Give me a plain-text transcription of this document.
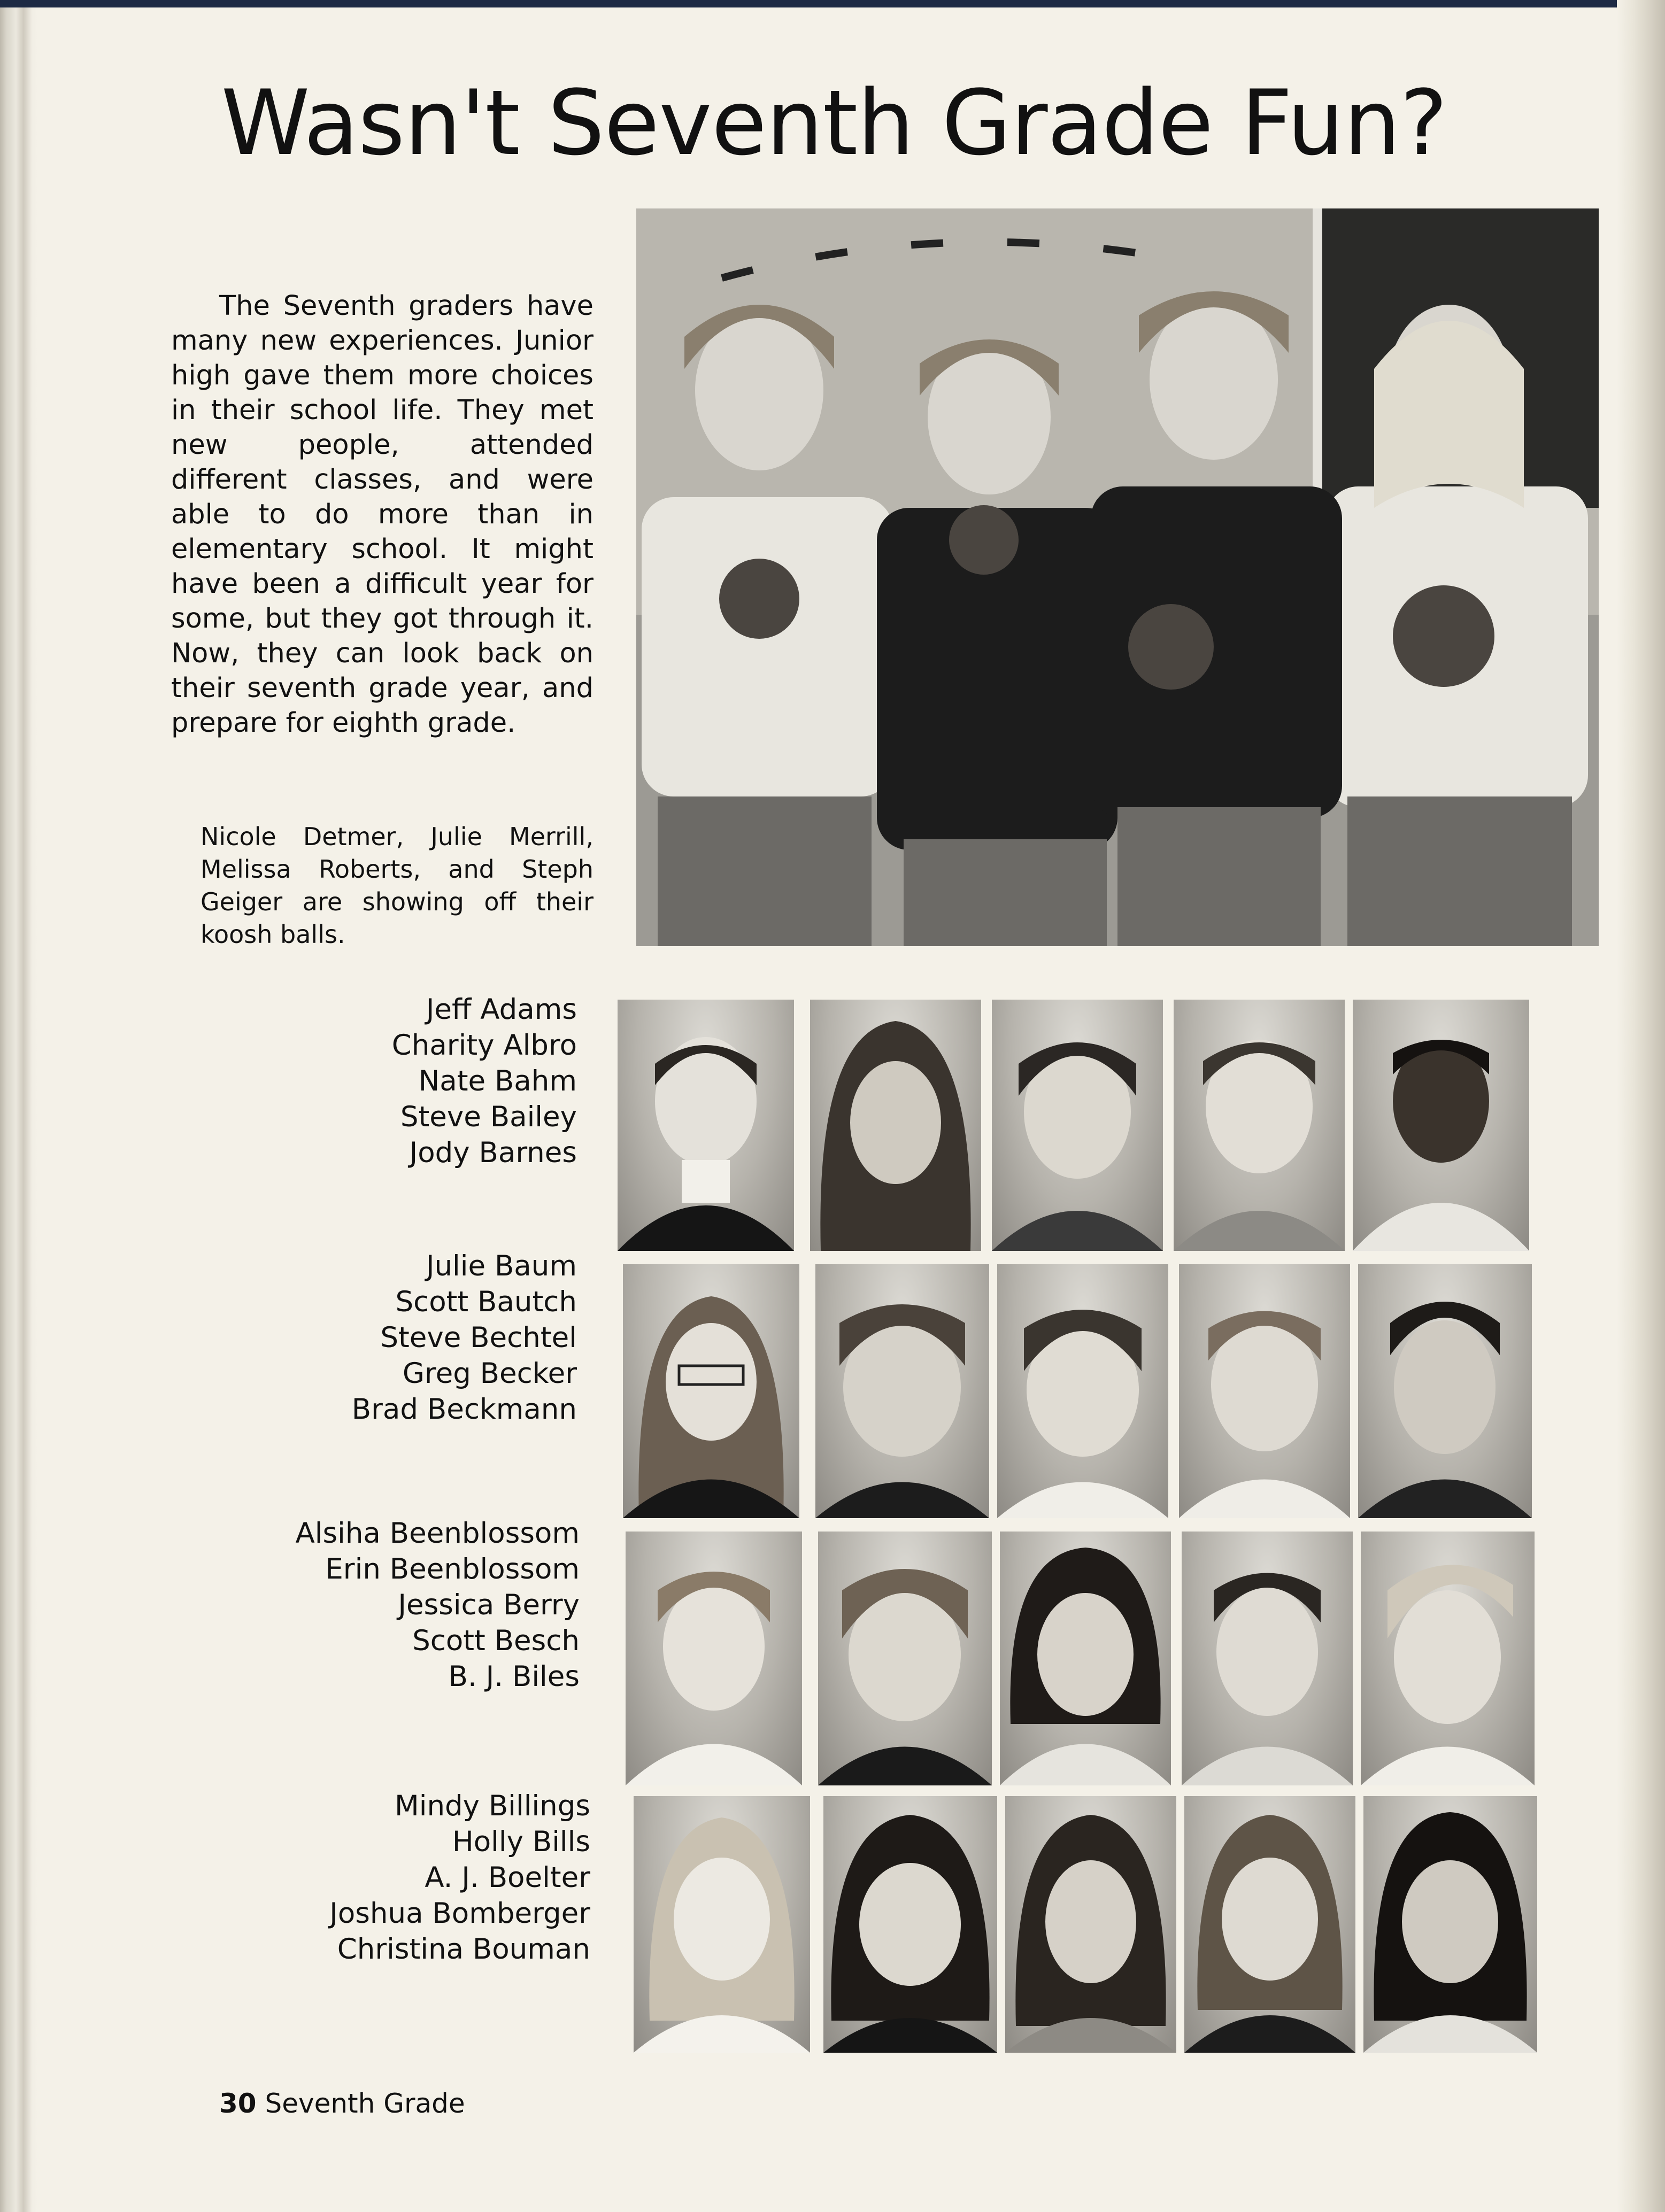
Wasn't Seventh Grade Fun?

The Seventh graders have many new experiences. Junior high gave them more choices in their school life. They met new people, attended different classes, and were able to do more than in elementary school. It might have been a difficult year for some, but they got through it. Now, they can look back on their seventh grade year, and prepare for eighth grade.

Nicole Detmer, Julie Merrill, Melissa Roberts, and Steph Geiger are showing off their koosh balls.

Jeff Adams
Charity Albro
Nate Bahm
Steve Bailey
Jody Barnes
Julie Baum
Scott Bautch
Steve Bechtel
Greg Becker
Brad Beckmann
Alsiha Beenblossom
Erin Beenblossom
Jessica Berry
Scott Besch
B. J. Biles
Mindy Billings
Holly Bills
A. J. Boelter
Joshua Bomberger
Christina Bouman

30 Seventh Grade
